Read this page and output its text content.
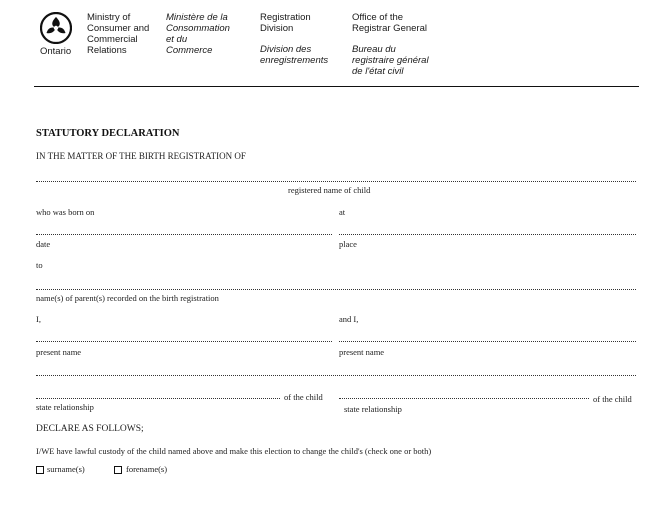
Ontario
Ministry of
Consumer and
Commercial
Relations
Ministère de la
Consommation
et du
Commerce
Registration
Division
Division des
enregistrements
Office of the
Registrar General
Bureau du
registraire général
de l'état civil
STATUTORY DECLARATION
IN THE MATTER OF THE BIRTH REGISTRATION OF
registered name of child
who was born on	at
date	place
to
name(s) of parent(s) recorded on the birth registration
I,	and I,
present name	present name
of the child	of the child
state relationship	state relationship
DECLARE AS FOLLOWS;
I/WE have lawful custody of the child named above and make this election to change the child's (check one or both)
surname(s)	forename(s)
